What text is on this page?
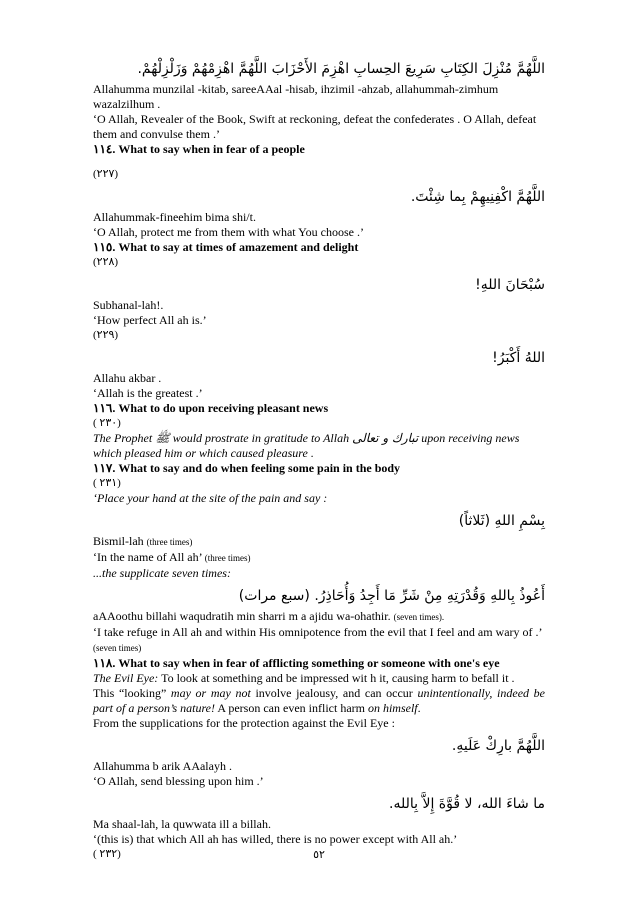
اللَّهُمَّ مُنْزِلَ الكِتَابِ سَرِيعَ الحِسابِ اهْزِمَ الأَحْزَابَ اللَّهُمَّ اهْزِمْهُمْ وَزَلْزِلْهُمْ.

Allahumma munzilal -kitab, sareeAAal -hisab, ihzimil -ahzab, allahummah-zimhum wazalzilhum .

‘O Allah, Revealer of the Book, Swift at reckoning, defeat the confederates . O Allah, defeat them and convulse them .’

١١٤. What to say when in fear of a people

(٢٢٧)

اللَّهُمَّ اكْفِنِيهِمْ بِما شِئْتَ.

Allahummak-fineehim bima shi/t.

‘O Allah, protect me from them with what You choose .’

١١٥. What to say at times of amazement and delight

(٢٢٨)

سُبْحَانَ اللهِ!

Subhanal-lah!.

‘How perfect All ah is.’

(٢٢٩)

اللهُ أَكْبَرُ!

Allahu akbar .

‘Allah is the greatest .’

١١٦. What to do upon receiving pleasant news

( ٢٣٠)

The Prophet ﷺ would prostrate in gratitude to Allah تبارك و تعالى upon receiving news which pleased him or which caused pleasure .

١١٧. What to say and do when feeling some pain in the body

( ٢٣١)

‘Place your hand at the site of the pain and say :

بِسْمِ اللهِ (ثَلاثاً)

Bismil-lah (three times)

‘In the name of All ah’ (three times)

...the supplicate seven times:

أَعُوذُ بِاللهِ وَقُدْرَتِهِ مِنْ شَرِّ مَا أَجِدُ وَأُحَاذِرُ. (سبع مرات)

aAAoothu billahi waqudratih min sharri m a ajidu wa-ohathir. (seven times).

‘I take refuge in All ah and within His omnipotence from the evil that I feel and am wary of .’ (seven times)

١١٨. What to say when in fear of afflicting something or someone with one's eye

The Evil Eye: To look at something and be impressed wit h it, causing harm to befall it .

This “looking” may or may not involve jealousy, and can occur unintentionally, indeed be part of a person’s nature! A person can even inflict harm on himself.

From the supplications for the protection against the Evil Eye :

اللَّهُمَّ بارِكْ عَلَيهِ.

Allahumma b arik AAalayh .

‘O Allah, send blessing upon him .’

ما شاءَ الله، لا قُوَّةَ إِلاَّ بِالله.

Ma shaal-lah, la quwwata ill a billah.

‘(this is) that which All ah has willed, there is no power except with All ah.’

( ٢٣٢)	٥٢
